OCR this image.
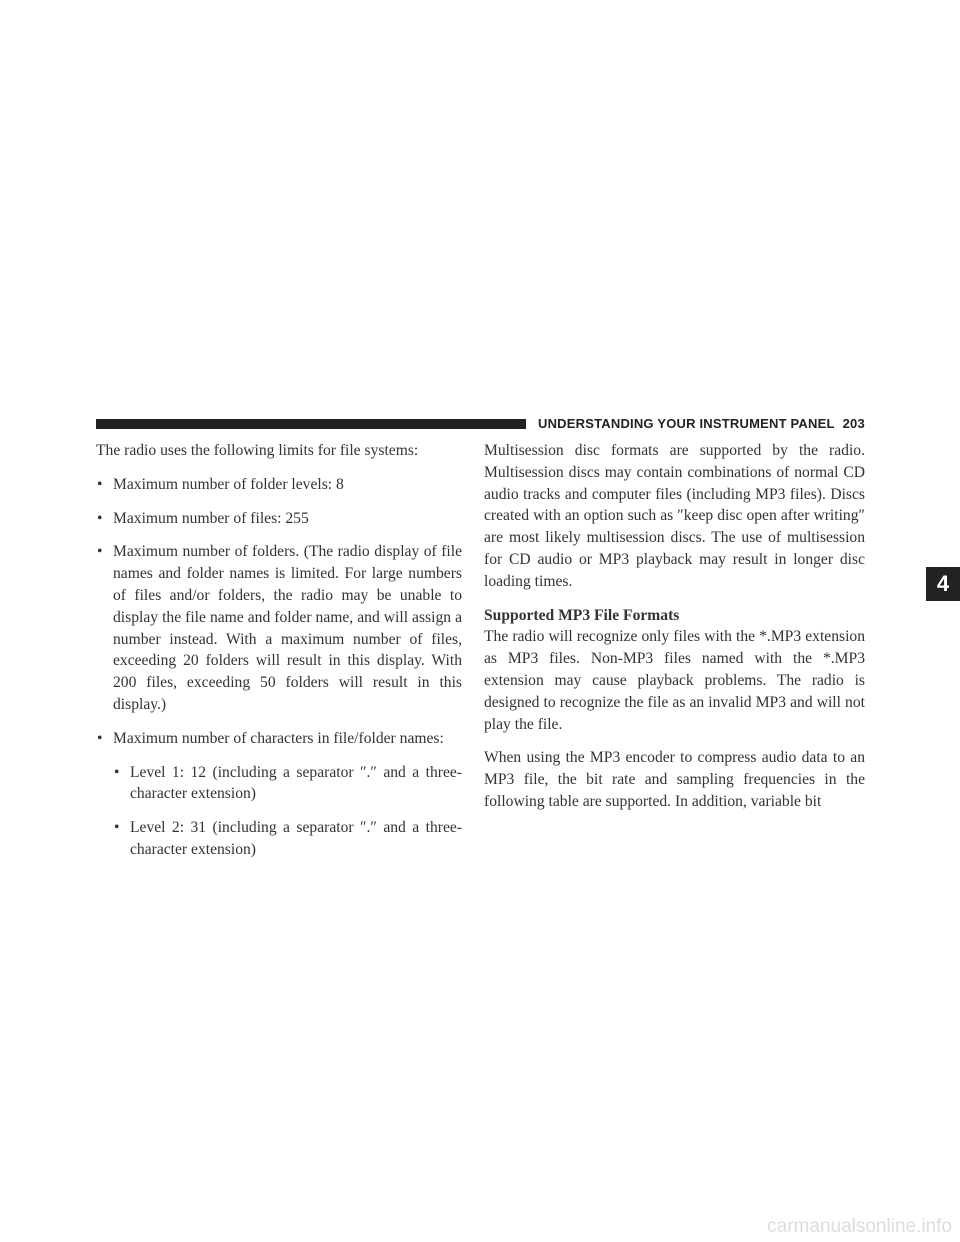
UNDERSTANDING YOUR INSTRUMENT PANEL 203

The radio uses the following limits for file systems:

• Maximum number of folder levels: 8

• Maximum number of files: 255

• Maximum number of folders. (The radio display of file names and folder names is limited. For large numbers of files and/or folders, the radio may be unable to display the file name and folder name, and will assign a number instead. With a maximum number of files, exceeding 20 folders will result in this display. With 200 files, exceeding 50 folders will result in this display.)

• Maximum number of characters in file/folder names:

• Level 1: 12 (including a separator ″.″ and a three-character extension)

• Level 2: 31 (including a separator ″.″ and a three-character extension)

Multisession disc formats are supported by the radio. Multisession discs may contain combinations of normal CD audio tracks and computer files (including MP3 files). Discs created with an option such as ″keep disc open after writing″ are most likely multisession discs. The use of multisession for CD audio or MP3 playback may result in longer disc loading times.

Supported MP3 File Formats

The radio will recognize only files with the *.MP3 extension as MP3 files. Non-MP3 files named with the *.MP3 extension may cause playback problems. The radio is designed to recognize the file as an invalid MP3 and will not play the file.

When using the MP3 encoder to compress audio data to an MP3 file, the bit rate and sampling frequencies in the following table are supported. In addition, variable bit

4
carmanualsonline.info
